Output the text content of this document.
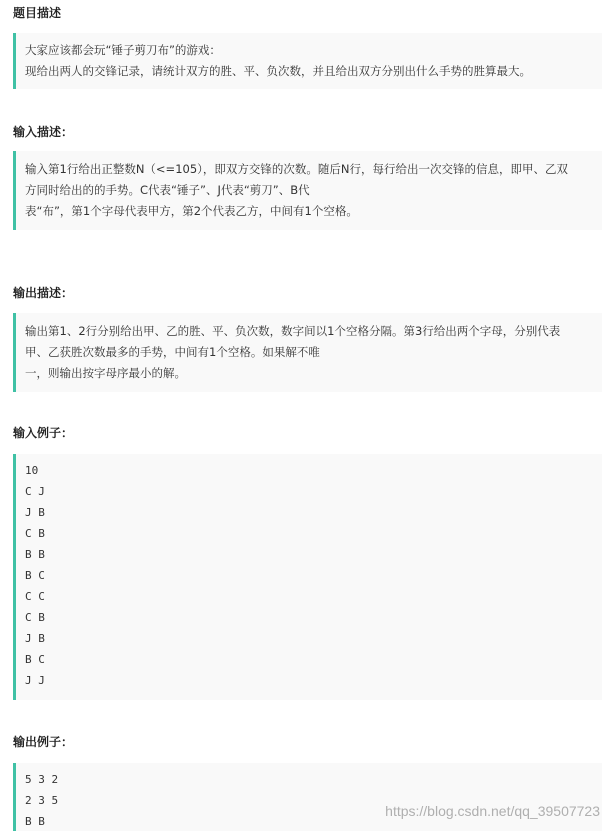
题目描述
大家应该都会玩“锤子剪刀布”的游戏：
现给出两人的交锋记录，请统计双方的胜、平、负次数，并且给出双方分别出什么手势的胜算最大。
输入描述：
输入第1行给出正整数N（<=105），即双方交锋的次数。随后N行，每行给出一次交锋的信息，即甲、乙双
方同时给出的的手势。C代表“锤子”、J代表“剪刀”、B代
表“布”，第1个字母代表甲方，第2个代表乙方，中间有1个空格。
输出描述：
输出第1、2行分别给出甲、乙的胜、平、负次数，数字间以1个空格分隔。第3行给出两个字母，分别代表
甲、乙获胜次数最多的手势，中间有1个空格。如果解不唯
一，则输出按字母序最小的解。
输入例子：
10
C J
J B
C B
B B
B C
C C
C B
J B
B C
J J
输出例子：
5 3 2
2 3 5
B B
https://blog.csdn.net/qq_39507723
